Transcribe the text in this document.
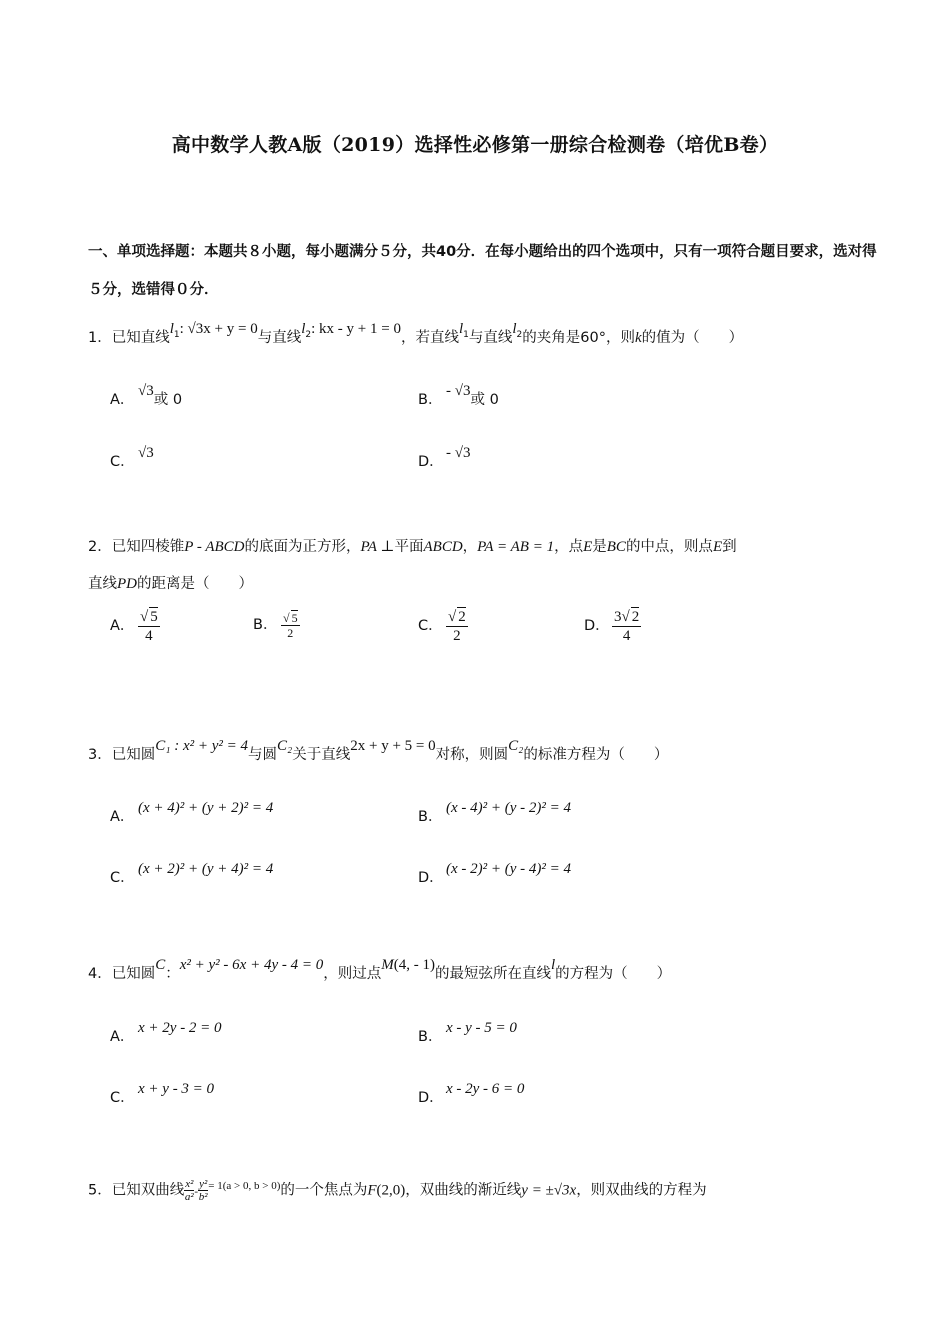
高中数学人教A版（2019）选择性必修第一册综合检测卷（培优B卷）
一、单项选择题：本题共８小题，每小题满分５分，共40分．在每小题给出的四个选项中，只有一项符合题目要求，选对得５分，选错得０分．
1．已知直线$l_1$: √3x + y = 0与直线$l_2$: kx - y + 1 = 0，若直线$l_1$与直线$l_2$的夹角是60°，则k的值为（　　）
A．√3或 0	B．- √3或 0
C．√3
D．- √3
2．已知四棱锥P - ABCD的底面为正方形，PA ⊥平面ABCD，PA = AB = 1，点E是BC的中点，则点E到
直线PD的距离是（　　）
A． $\frac{√ 5}{4}$	B． $\frac{√ 5}{2}$	C． $\frac{√ 2}{2}$	D． $\frac{3√ 2}{4}$
3．已知圆C₁ : x² + y² = 4与圆C₂关于直线2x + y + 5 = 0对称，则圆C₂的标准方程为（　　）
A．(x + 4)² + (y + 2)² = 4
B．(x - 4)² + (y - 2)² = 4
C．(x + 2)² + (y + 4)² = 4
D．(x - 2)² + (y - 4)² = 4
4．已知圆C：x² + y² - 6x + 4y - 4 = 0，则过点M(4, - 1)的最短弦所在直线l的方程为（　　）
A．x + 2y - 2 = 0
B．x - y - 5 = 0
C．x + y - 3 = 0
D．x - 2y - 6 = 0
5．已知双曲线 $\frac{\text{x²}}{\text{a²}} - \frac{\text{y²}}{\text{b²}} ^{= 1(a > 0, b > 0)}$的一个焦点为F(2,0)，双曲线的渐近线y = ±√3x，则双曲线的方程为
